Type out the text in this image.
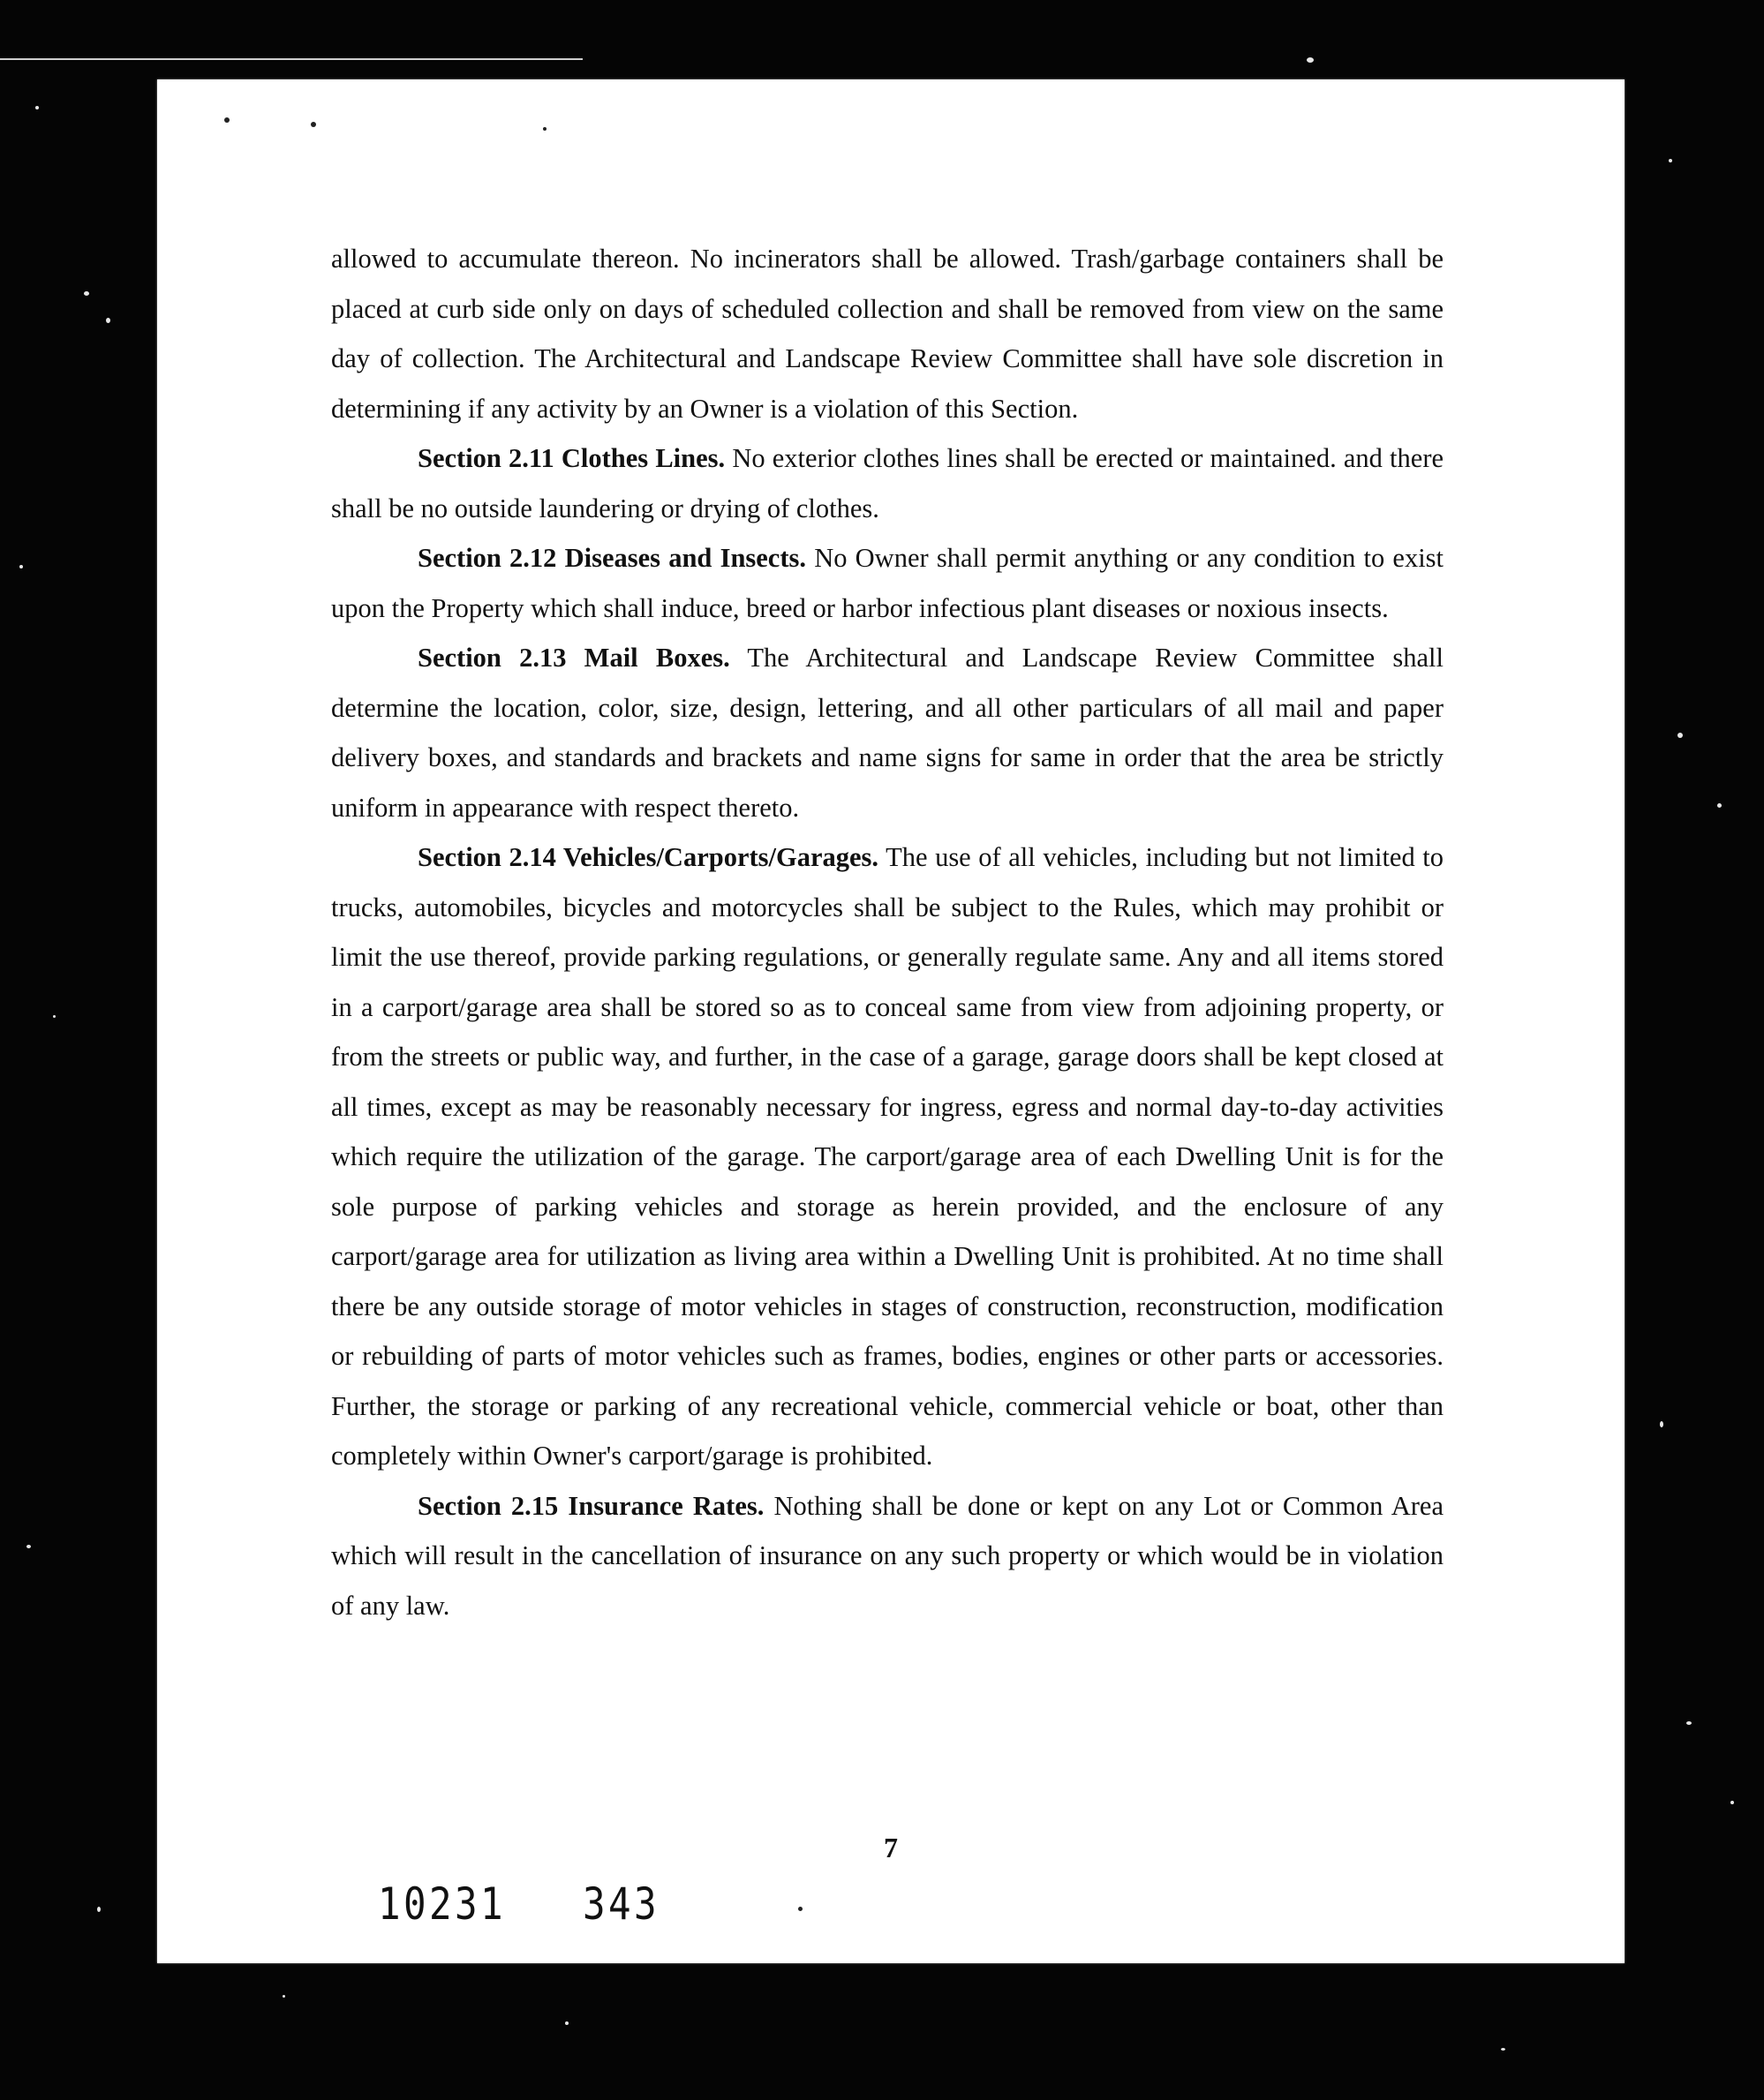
allowed to accumulate thereon. No incinerators shall be allowed. Trash/garbage containers shall be placed at curb side only on days of scheduled collection and shall be removed from view on the same day of collection. The Architectural and Landscape Review Committee shall have sole discretion in determining if any activity by an Owner is a violation of this Section.

Section 2.11 Clothes Lines. No exterior clothes lines shall be erected or maintained. and there shall be no outside laundering or drying of clothes.

Section 2.12 Diseases and Insects. No Owner shall permit anything or any condition to exist upon the Property which shall induce, breed or harbor infectious plant diseases or noxious insects.

Section 2.13 Mail Boxes. The Architectural and Landscape Review Committee shall determine the location, color, size, design, lettering, and all other particulars of all mail and paper delivery boxes, and standards and brackets and name signs for same in order that the area be strictly uniform in appearance with respect thereto.

Section 2.14 Vehicles/Carports/Garages. The use of all vehicles, including but not limited to trucks, automobiles, bicycles and motorcycles shall be subject to the Rules, which may prohibit or limit the use thereof, provide parking regulations, or generally regulate same. Any and all items stored in a carport/garage area shall be stored so as to conceal same from view from adjoining property, or from the streets or public way, and further, in the case of a garage, garage doors shall be kept closed at all times, except as may be reasonably necessary for ingress, egress and normal day-to-day activities which require the utilization of the garage. The carport/garage area of each Dwelling Unit is for the sole purpose of parking vehicles and storage as herein provided, and the enclosure of any carport/garage area for utilization as living area within a Dwelling Unit is prohibited. At no time shall there be any outside storage of motor vehicles in stages of construction, reconstruction, modification or rebuilding of parts of motor vehicles such as frames, bodies, engines or other parts or accessories. Further, the storage or parking of any recreational vehicle, commercial vehicle or boat, other than completely within Owner's carport/garage is prohibited.

Section 2.15 Insurance Rates. Nothing shall be done or kept on any Lot or Common Area which will result in the cancellation of insurance on any such property or which would be in violation of any law.

7
10231 343
